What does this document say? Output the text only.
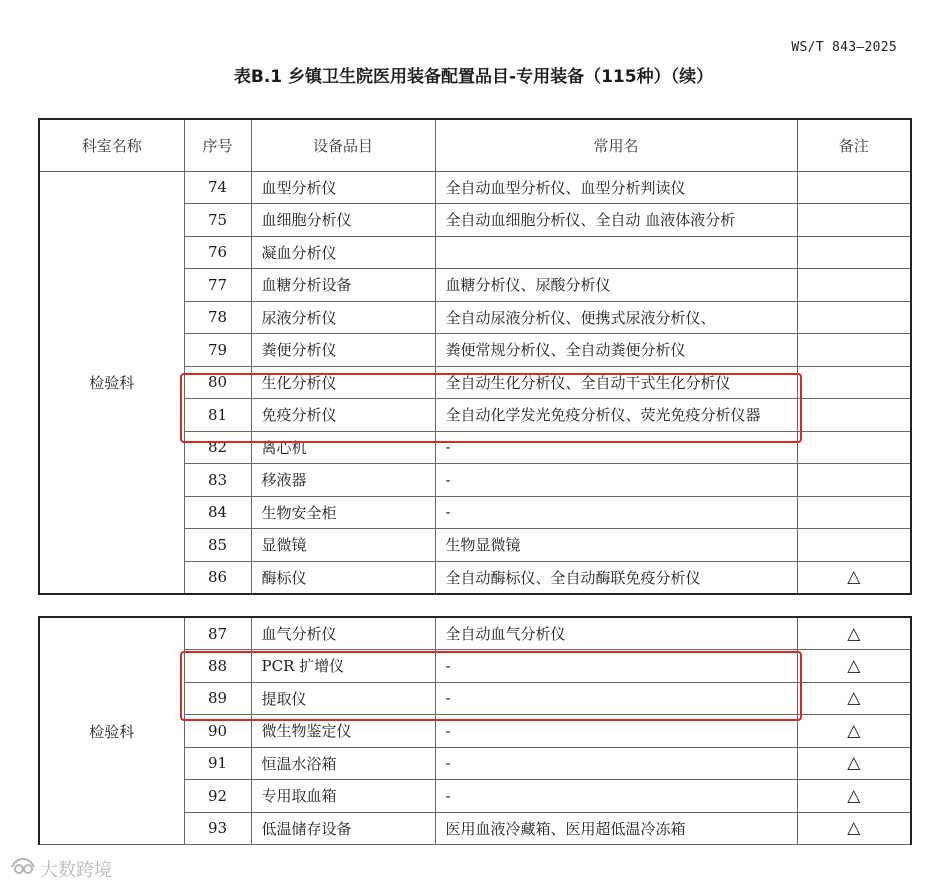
WS/T 843—2025
表B.1 乡镇卫生院医用装备配置品目-专用装备（115种）（续）
科室名称	序号	设备品目	常用名	备注
检验科	74	血型分析仪	全自动血型分析仪、血型分析判读仪	
	75	血细胞分析仪	全自动血细胞分析仪、全自动 血液体液分析	
	76	凝血分析仪		
	77	血糖分析设备	血糖分析仪、尿酸分析仪	
	78	尿液分析仪	全自动尿液分析仪、便携式尿液分析仪、	
	79	粪便分析仪	粪便常规分析仪、全自动粪便分析仪	
	80	生化分析仪	全自动生化分析仪、全自动干式生化分析仪	
	81	免疫分析仪	全自动化学发光免疫分析仪、荧光免疫分析仪器	
	82	离心机	-	
	83	移液器	-	
	84	生物安全柜	-	
	85	显微镜	生物显微镜	
	86	酶标仪	全自动酶标仪、全自动酶联免疫分析仪	△
检验科	87	血气分析仪	全自动血气分析仪	△
	88	PCR 扩增仪	-	△
	89	提取仪	-	△
	90	微生物鉴定仪	-	△
	91	恒温水浴箱	-	△
	92	专用取血箱	-	△
	93	低温储存设备	医用血液冷藏箱、医用超低温冷冻箱	△
大数跨境
